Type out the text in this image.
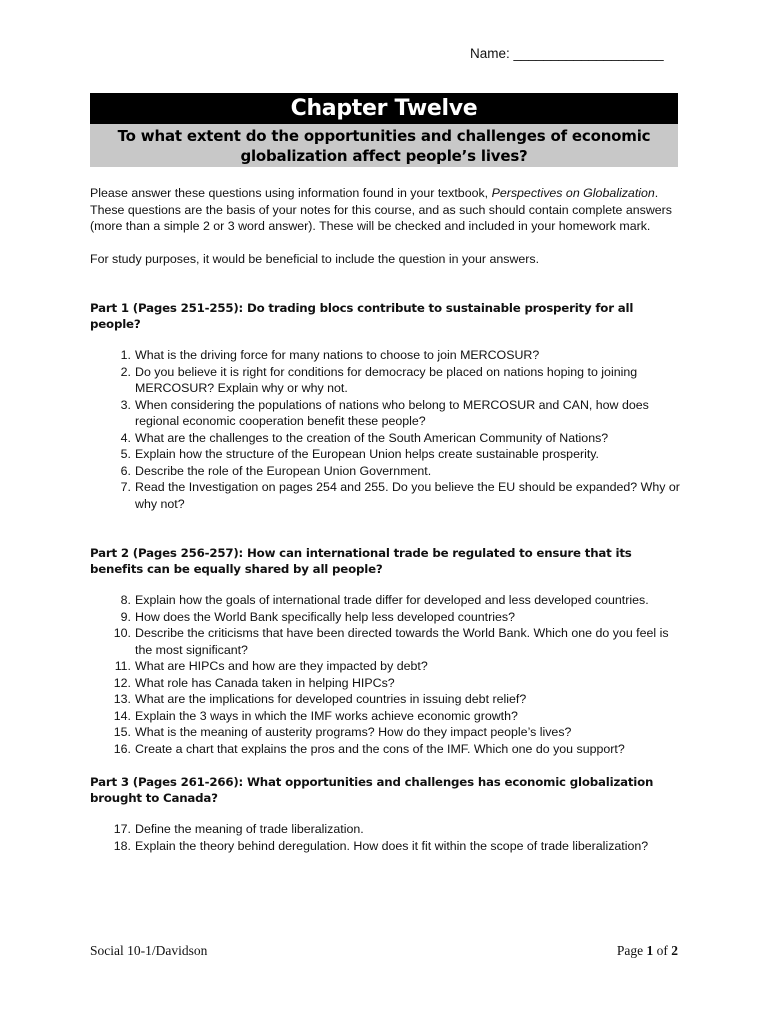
Name: ____________________
Chapter Twelve
To what extent do the opportunities and challenges of economic
globalization affect people’s lives?

Please answer these questions using information found in your textbook, Perspectives on Globalization. These questions are the basis of your notes for this course, and as such should contain complete answers (more than a simple 2 or 3 word answer). These will be checked and included in your homework mark.

For study purposes, it would be beneficial to include the question in your answers.

Part 1 (Pages 251-255): Do trading blocs contribute to sustainable prosperity for all people?

1. What is the driving force for many nations to choose to join MERCOSUR?
2. Do you believe it is right for conditions for democracy be placed on nations hoping to joining MERCOSUR? Explain why or why not.
3. When considering the populations of nations who belong to MERCOSUR and CAN, how does regional economic cooperation benefit these people?
4. What are the challenges to the creation of the South American Community of Nations?
5. Explain how the structure of the European Union helps create sustainable prosperity.
6. Describe the role of the European Union Government.
7. Read the Investigation on pages 254 and 255. Do you believe the EU should be expanded? Why or why not?

Part 2 (Pages 256-257): How can international trade be regulated to ensure that its benefits can be equally shared by all people?

8. Explain how the goals of international trade differ for developed and less developed countries.
9. How does the World Bank specifically help less developed countries?
10. Describe the criticisms that have been directed towards the World Bank. Which one do you feel is the most significant?
11. What are HIPCs and how are they impacted by debt?
12. What role has Canada taken in helping HIPCs?
13. What are the implications for developed countries in issuing debt relief?
14. Explain the 3 ways in which the IMF works achieve economic growth?
15. What is the meaning of austerity programs? How do they impact people’s lives?
16. Create a chart that explains the pros and the cons of the IMF. Which one do you support?

Part 3 (Pages 261-266): What opportunities and challenges has economic globalization brought to Canada?

17. Define the meaning of trade liberalization.
18. Explain the theory behind deregulation. How does it fit within the scope of trade liberalization?
Social 10-1/Davidson	Page 1 of 2
